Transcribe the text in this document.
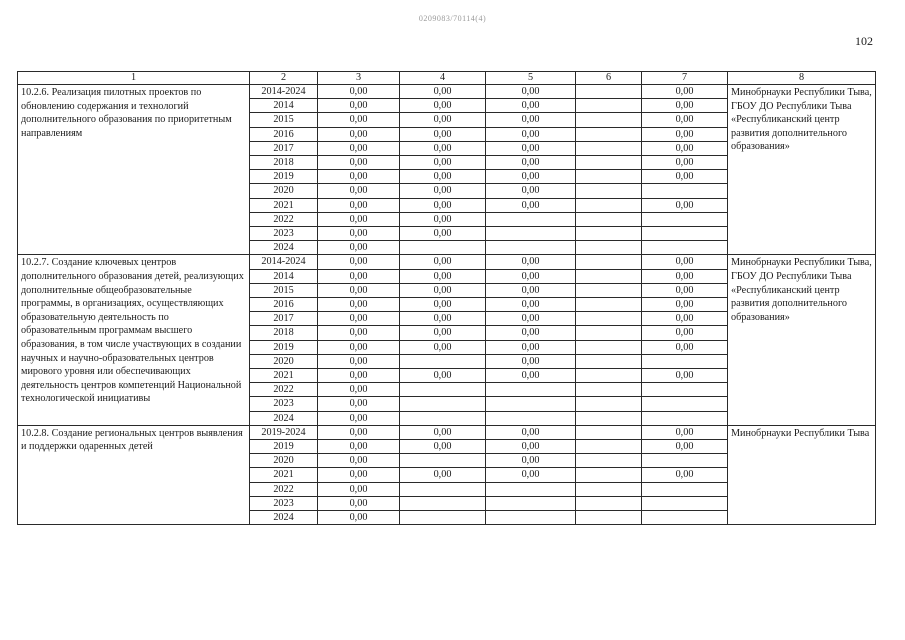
0209083/70114(4)
102
1	2	3	4	5	6	7	8
10.2.6. Реализация пилотных проектов по обновлению содержания и технологий дополнительного образования по приоритетным направлениям	2014-2024	0,00	0,00	0,00		0,00	Минобрнауки Республики Тыва, ГБОУ ДО Республики Тыва «Республиканский центр развития дополнительного образования»
	2014	0,00	0,00	0,00		0,00	
	2015	0,00	0,00	0,00		0,00	
	2016	0,00	0,00	0,00		0,00	
	2017	0,00	0,00	0,00		0,00	
	2018	0,00	0,00	0,00		0,00	
	2019	0,00	0,00	0,00		0,00	
	2020	0,00	0,00	0,00			
	2021	0,00	0,00	0,00		0,00	
	2022	0,00	0,00				
	2023	0,00	0,00				
	2024	0,00					
10.2.7. Создание ключевых центров дополнительного образования детей, реализующих дополнительные общеобразовательные программы, в организациях, осуществляющих образовательную деятельность по образовательным программам высшего образования, в том числе участвующих в создании научных и научно-образовательных центров мирового уровня или обеспечивающих деятельность центров компетенций Национальной технологической инициативы	2014-2024	0,00	0,00	0,00		0,00	Минобрнауки Республики Тыва, ГБОУ ДО Республики Тыва «Республиканский центр развития дополнительного образования»
	2014	0,00	0,00	0,00		0,00	
	2015	0,00	0,00	0,00		0,00	
	2016	0,00	0,00	0,00		0,00	
	2017	0,00	0,00	0,00		0,00	
	2018	0,00	0,00	0,00		0,00	
	2019	0,00	0,00	0,00		0,00	
	2020	0,00		0,00			
	2021	0,00	0,00	0,00		0,00	
	2022	0,00					
	2023	0,00					
	2024	0,00					
10.2.8. Создание региональных центров выявления и поддержки одаренных детей	2019-2024	0,00	0,00	0,00		0,00	Минобрнауки Республики Тыва
	2019	0,00	0,00	0,00		0,00	
	2020	0,00		0,00			
	2021	0,00	0,00	0,00		0,00	
	2022	0,00					
	2023	0,00					
	2024	0,00					
